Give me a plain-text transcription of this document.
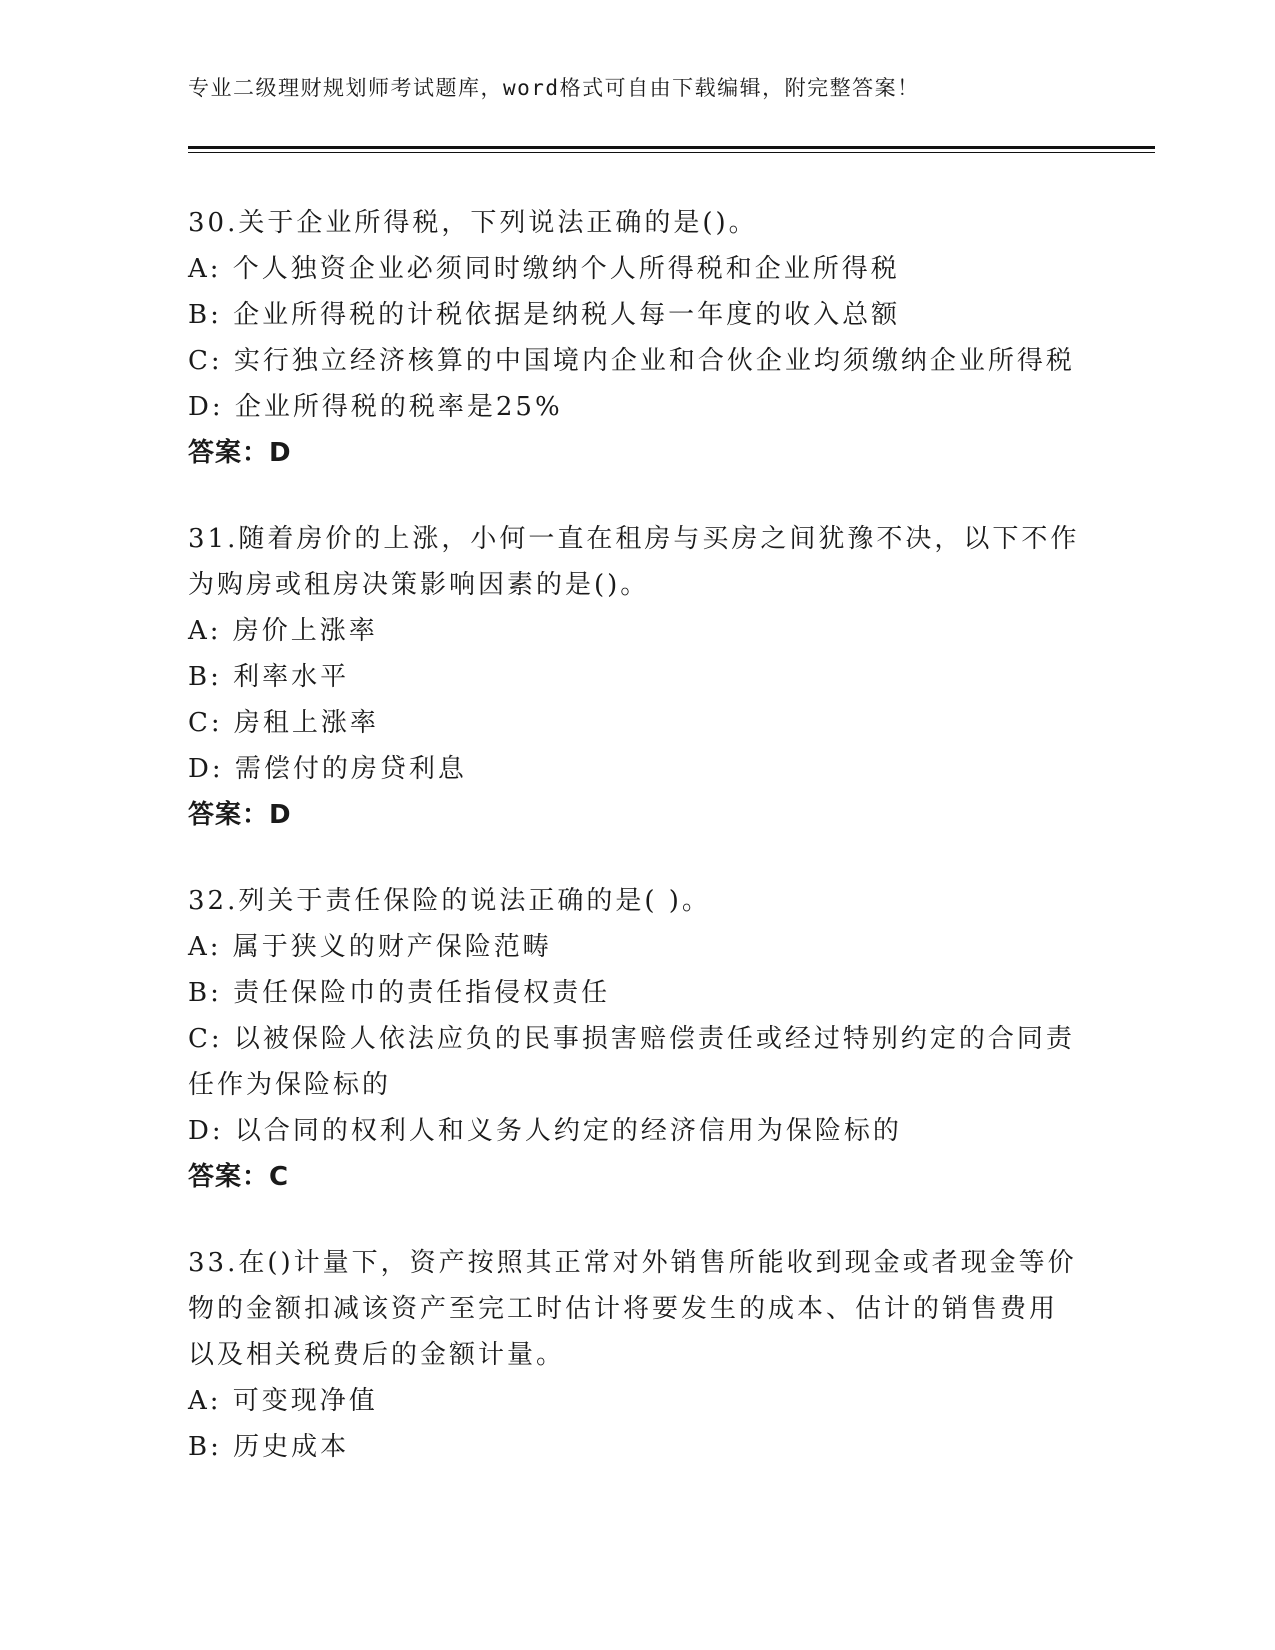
专业二级理财规划师考试题库，word格式可自由下载编辑，附完整答案！
30.关于企业所得税，下列说法正确的是()。
A: 个人独资企业必须同时缴纳个人所得税和企业所得税
B: 企业所得税的计税依据是纳税人每一年度的收入总额
C: 实行独立经济核算的中国境内企业和合伙企业均须缴纳企业所得税
D: 企业所得税的税率是25%
答案：D
31.随着房价的上涨，小何一直在租房与买房之间犹豫不决，以下不作
为购房或租房决策影响因素的是()。
A: 房价上涨率
B: 利率水平
C: 房租上涨率
D: 需偿付的房贷利息
答案：D
32.列关于责任保险的说法正确的是( )。
A: 属于狭义的财产保险范畴
B: 责任保险巾的责任指侵权责任
C: 以被保险人依法应负的民事损害赔偿责任或经过特别约定的合同责
任作为保险标的
D: 以合同的权利人和义务人约定的经济信用为保险标的
答案：C
33.在()计量下，资产按照其正常对外销售所能收到现金或者现金等价
物的金额扣减该资产至完工时估计将要发生的成本、估计的销售费用
以及相关税费后的金额计量。
A: 可变现净值
B: 历史成本
